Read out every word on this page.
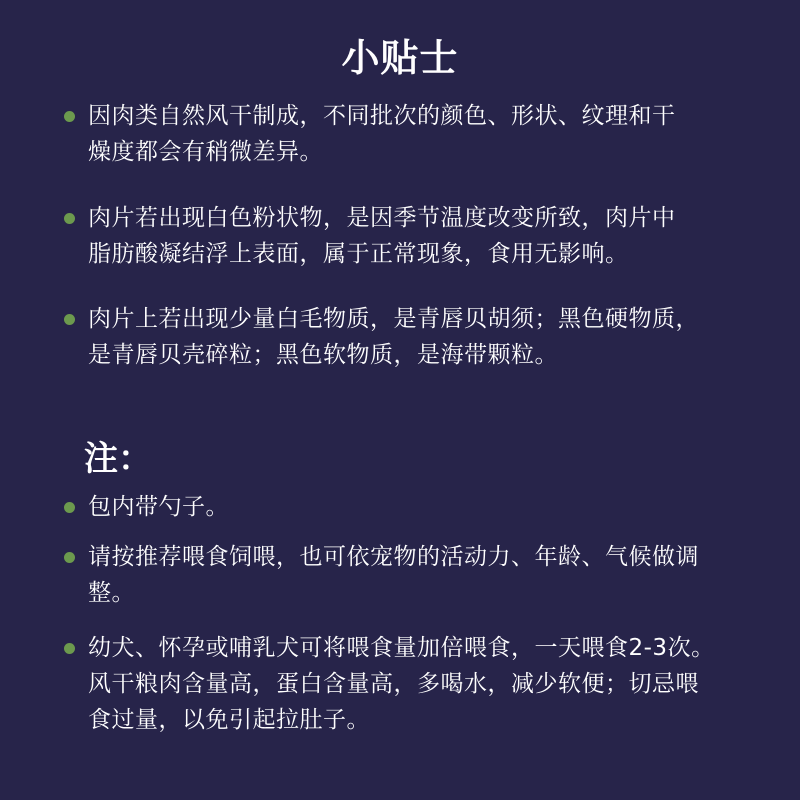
小贴士
因肉类自然风干制成，不同批次的颜色、形状、纹理和干
燥度都会有稍微差异。
肉片若出现白色粉状物，是因季节温度改变所致，肉片中
脂肪酸凝结浮上表面，属于正常现象，食用无影响。
肉片上若出现少量白毛物质，是青唇贝胡须；黑色硬物质，
是青唇贝壳碎粒；黑色软物质，是海带颗粒。
注：
包内带勺子。
请按推荐喂食饲喂，也可依宠物的活动力、年龄、气候做调
整。
幼犬、怀孕或哺乳犬可将喂食量加倍喂食，一天喂食2-3次。
风干粮肉含量高，蛋白含量高，多喝水，减少软便；切忌喂
食过量，以免引起拉肚子。
